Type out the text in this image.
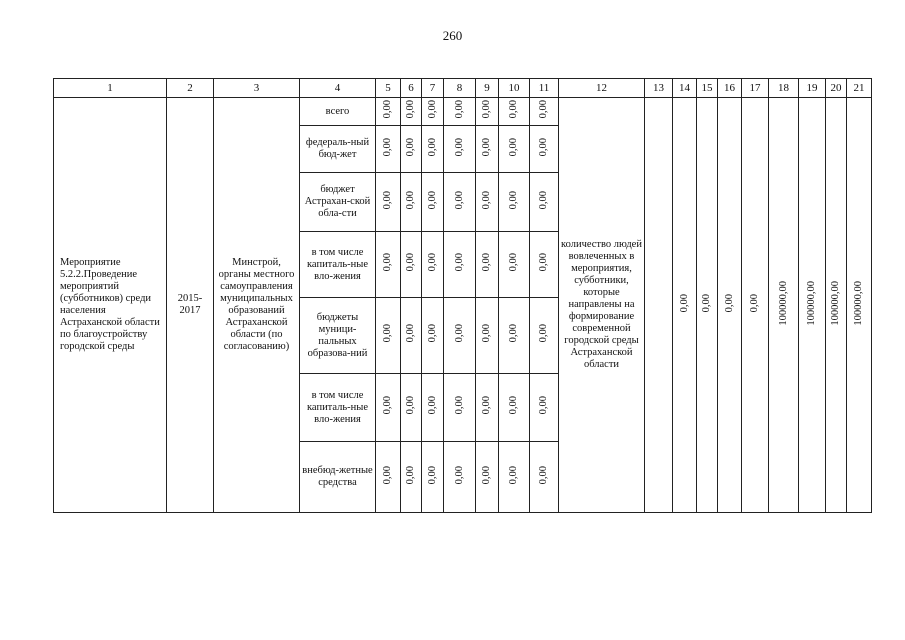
260
1	2	3	4	5	6	7	8	9	10	11	12	13	14	15	16	17	18	19	20	21

Мероприятие 5.2.2.Проведение мероприятий (субботников) среди населения Астраханской области по благоустройству городской среды	2015-2017	Минстрой, органы местного самоуправления муниципальных образований Астраханской области (по согласованию)	всего	0,00	0,00	0,00	0,00	0,00	0,00	0,00	количество людей вовлеченных в мероприятия, субботники, которые направлены на формирование современной городской среды Астраханской области		0,00	0,00	0,00	0,00	100000,00	100000,00	100000,00	100000,00
			федераль-ный бюд-жет	0,00	0,00	0,00	0,00	0,00	0,00	0,00										
			бюджет Астрахан-ской обла-сти	0,00	0,00	0,00	0,00	0,00	0,00	0,00										
			в том числе капиталь-ные вло-жения	0,00	0,00	0,00	0,00	0,00	0,00	0,00										
			бюджеты муници-пальных образова-ний	0,00	0,00	0,00	0,00	0,00	0,00	0,00										
			в том числе капиталь-ные вло-жения	0,00	0,00	0,00	0,00	0,00	0,00	0,00										
			внебюд-жетные средства	0,00	0,00	0,00	0,00	0,00	0,00	0,00										
